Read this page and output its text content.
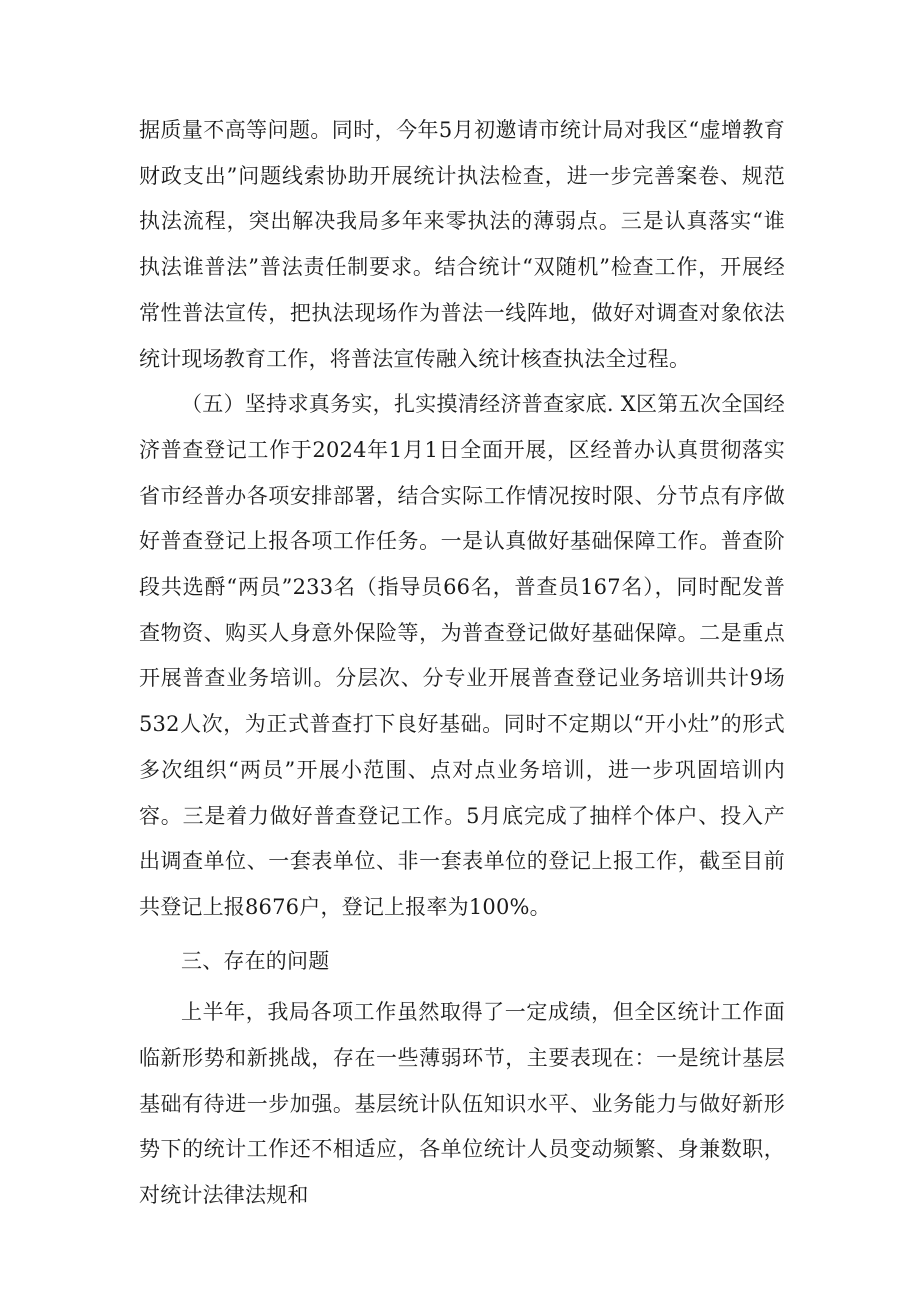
据质量不高等问题。同时，今年5月初邀请市统计局对我区“虚增教育财政支出”问题线索协助开展统计执法检查，进一步完善案卷、规范执法流程，突出解决我局多年来零执法的薄弱点。三是认真落实“谁执法谁普法”普法责任制要求。结合统计“双随机”检查工作，开展经常性普法宣传，把执法现场作为普法一线阵地，做好对调查对象依法统计现场教育工作，将普法宣传融入统计核查执法全过程。

（五）坚持求真务实，扎实摸清经济普查家底. X区第五次全国经济普查登记工作于2024年1月1日全面开展，区经普办认真贯彻落实省市经普办各项安排部署，结合实际工作情况按时限、分节点有序做好普查登记上报各项工作任务。一是认真做好基础保障工作。普查阶段共选酹“两员”233名（指导员66名，普查员167名），同时配发普查物资、购买人身意外保险等，为普查登记做好基础保障。二是重点开展普查业务培训。分层次、分专业开展普查登记业务培训共计9场532人次，为正式普查打下良好基础。同时不定期以“开小灶”的形式多次组织“两员”开展小范围、点对点业务培训，进一步巩固培训内容。三是着力做好普查登记工作。5月底完成了抽样个体户、投入产出调查单位、一套表单位、非一套表单位的登记上报工作，截至目前共登记上报8676户，登记上报率为100%。

三、存在的问题

上半年，我局各项工作虽然取得了一定成绩，但全区统计工作面临新形势和新挑战，存在一些薄弱环节，主要表现在：一是统计基层基础有待进一步加强。基层统计队伍知识水平、业务能力与做好新形势下的统计工作还不相适应，各单位统计人员变动频繁、身兼数职，对统计法律法规和
